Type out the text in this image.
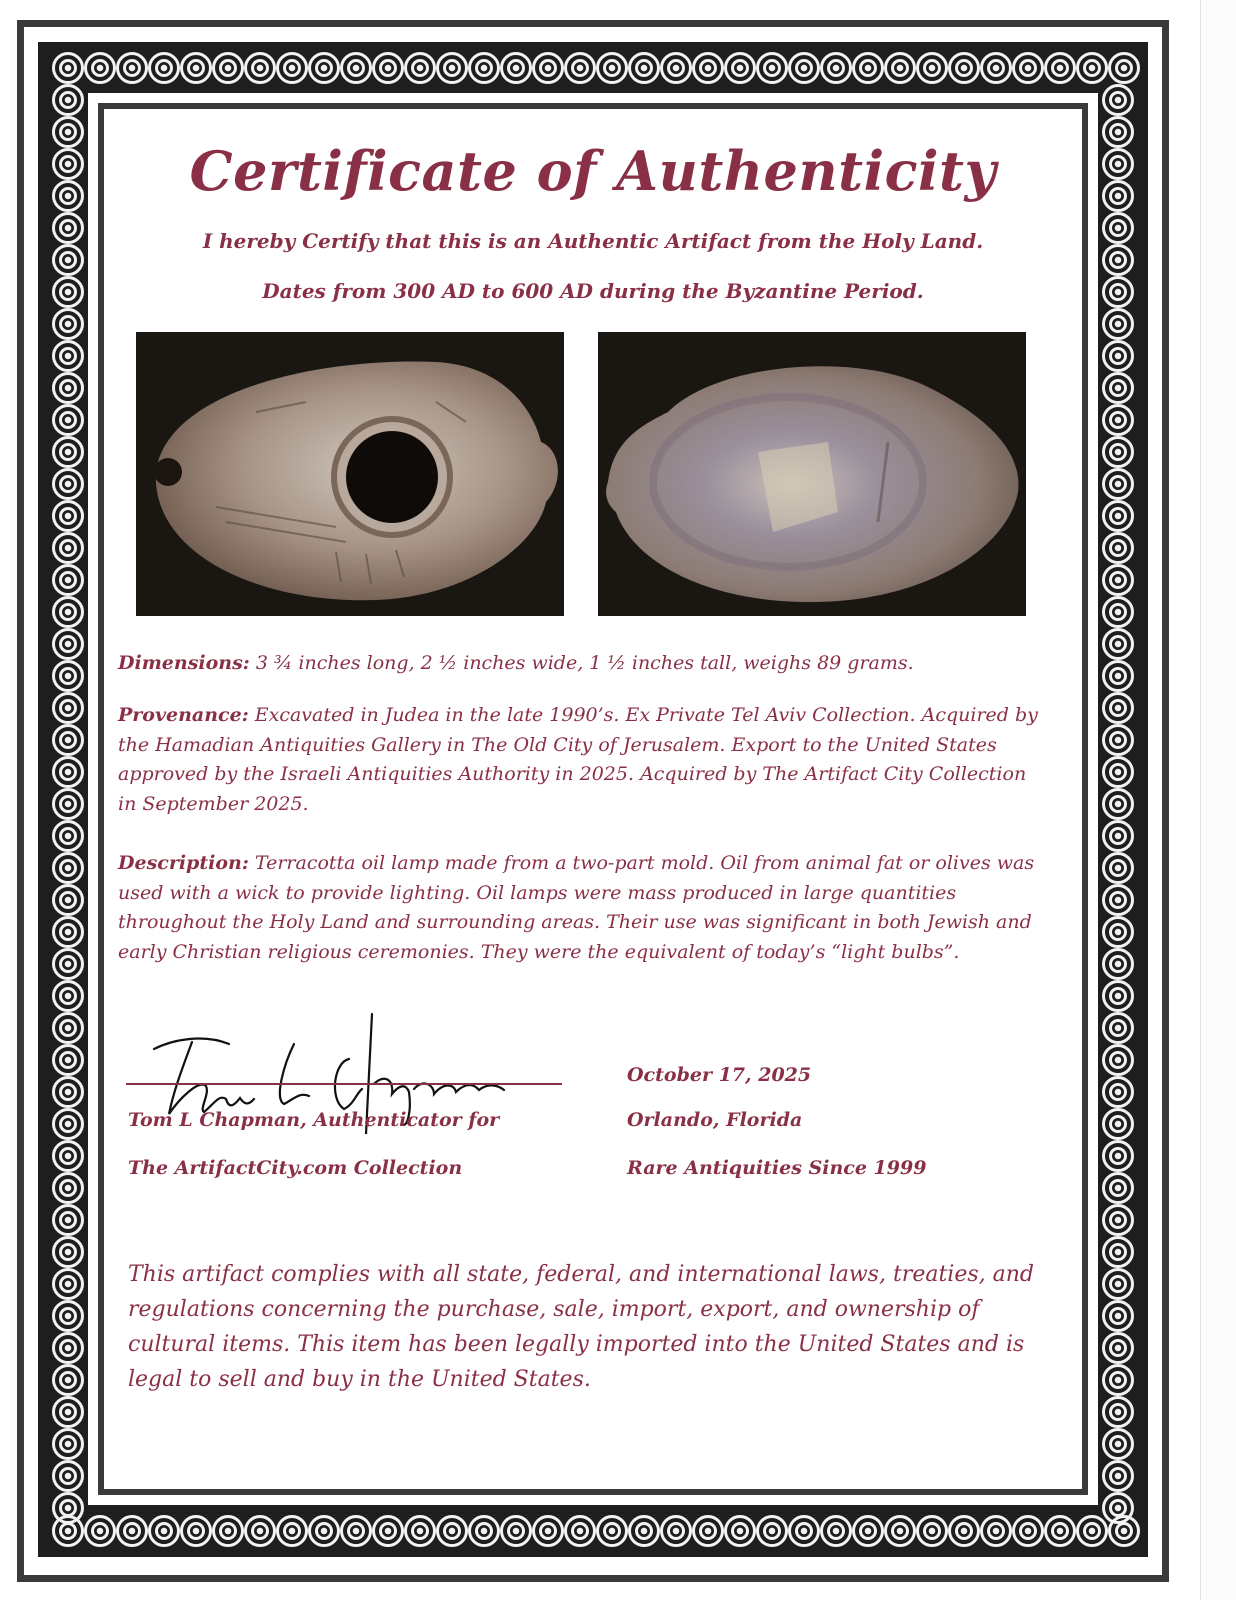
Certificate of Authenticity
I hereby Certify that this is an Authentic Artifact from the Holy Land.
Dates from 300 AD to 600 AD during the Byzantine Period.
Dimensions: 3 ¾ inches long, 2 ½ inches wide, 1 ½ inches tall, weighs 89 grams.
Provenance: Excavated in Judea in the late 1990’s. Ex Private Tel Aviv Collection. Acquired by the Hamadian Antiquities Gallery in The Old City of Jerusalem. Export to the United States approved by the Israeli Antiquities Authority in 2025. Acquired by The Artifact City Collection in September 2025.
Description: Terracotta oil lamp made from a two-part mold. Oil from animal fat or olives was used with a wick to provide lighting. Oil lamps were mass produced in large quantities throughout the Holy Land and surrounding areas. Their use was significant in both Jewish and early Christian religious ceremonies. They were the equivalent of today’s “light bulbs”.
Tom L Chapman, Authenticator for
The ArtifactCity.com Collection
October 17, 2025
Orlando, Florida
Rare Antiquities Since 1999
This artifact complies with all state, federal, and international laws, treaties, and regulations concerning the purchase, sale, import, export, and ownership of cultural items. This item has been legally imported into the United States and is legal to sell and buy in the United States.
